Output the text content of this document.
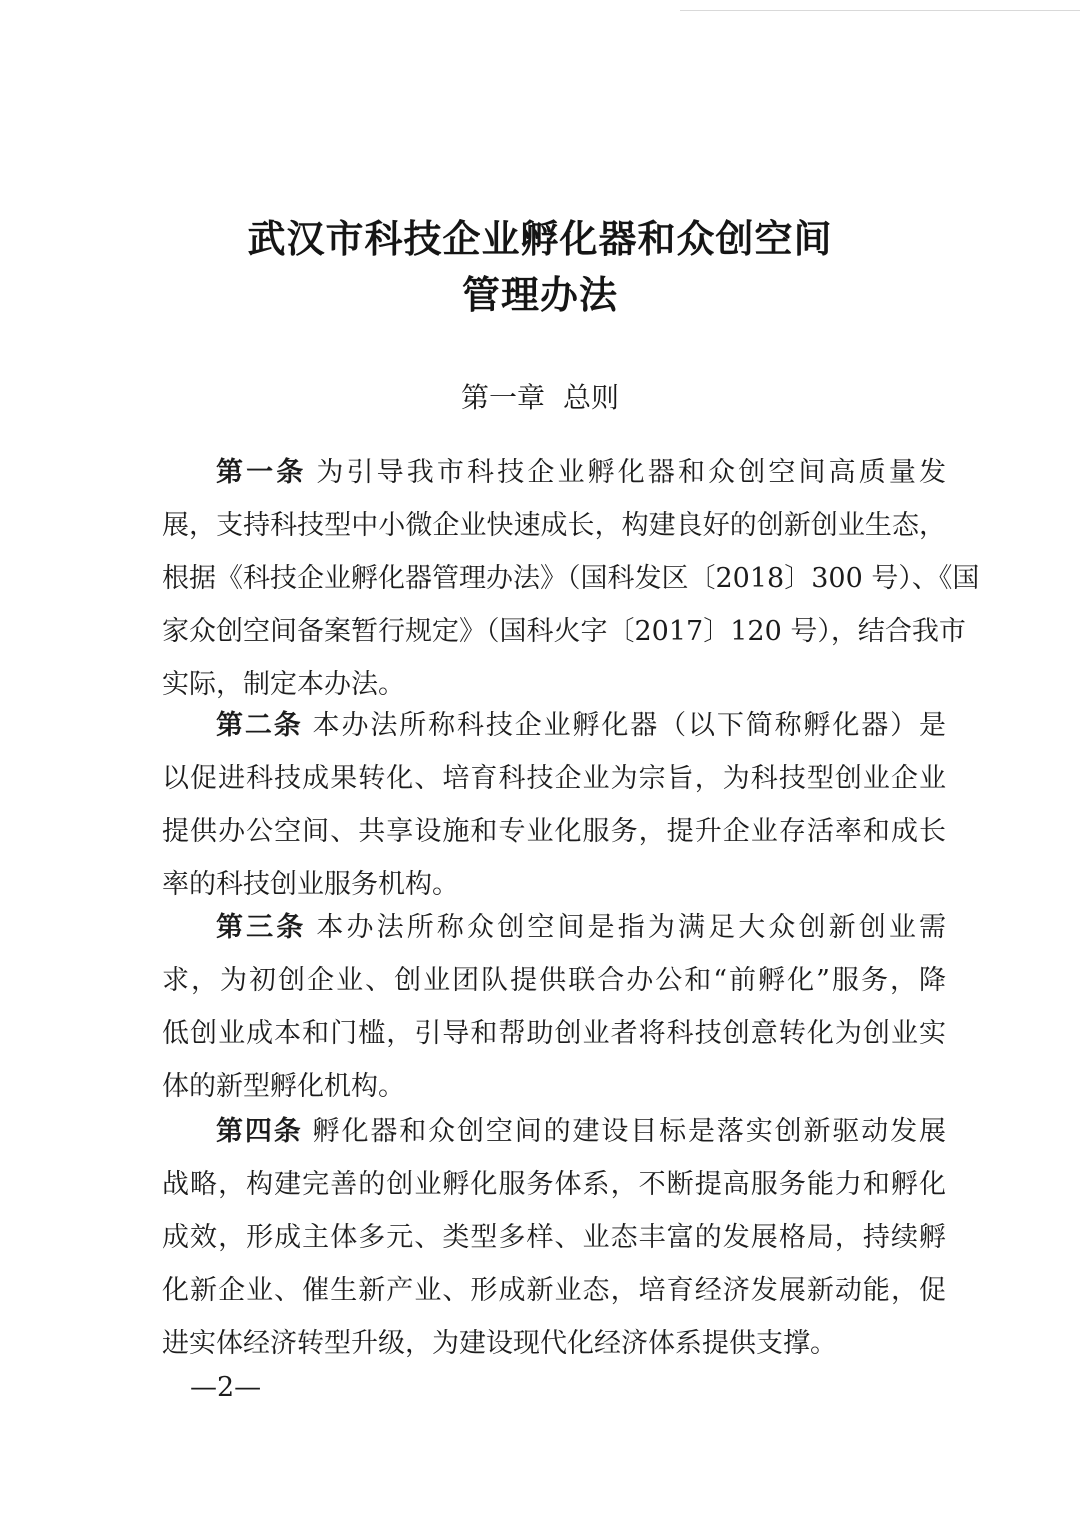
武汉市科技企业孵化器和众创空间
管理办法
第一章 总则
第一条 为引导我市科技企业孵化器和众创空间高质量发
展，支持科技型中小微企业快速成长，构建良好的创新创业生态，
根据《科技企业孵化器管理办法》（国科发区〔2018〕300 号）、《国
家众创空间备案暂行规定》（国科火字〔2017〕120 号），结合我市
实际，制定本办法。
第二条 本办法所称科技企业孵化器（以下简称孵化器）是
以促进科技成果转化、培育科技企业为宗旨，为科技型创业企业
提供办公空间、共享设施和专业化服务，提升企业存活率和成长
率的科技创业服务机构。
第三条 本办法所称众创空间是指为满足大众创新创业需
求，为初创企业、创业团队提供联合办公和“前孵化”服务，降
低创业成本和门槛，引导和帮助创业者将科技创意转化为创业实
体的新型孵化机构。
第四条 孵化器和众创空间的建设目标是落实创新驱动发展
战略，构建完善的创业孵化服务体系，不断提高服务能力和孵化
成效，形成主体多元、类型多样、业态丰富的发展格局，持续孵
化新企业、催生新产业、形成新业态，培育经济发展新动能，促
进实体经济转型升级，为建设现代化经济体系提供支撑。
—2—
